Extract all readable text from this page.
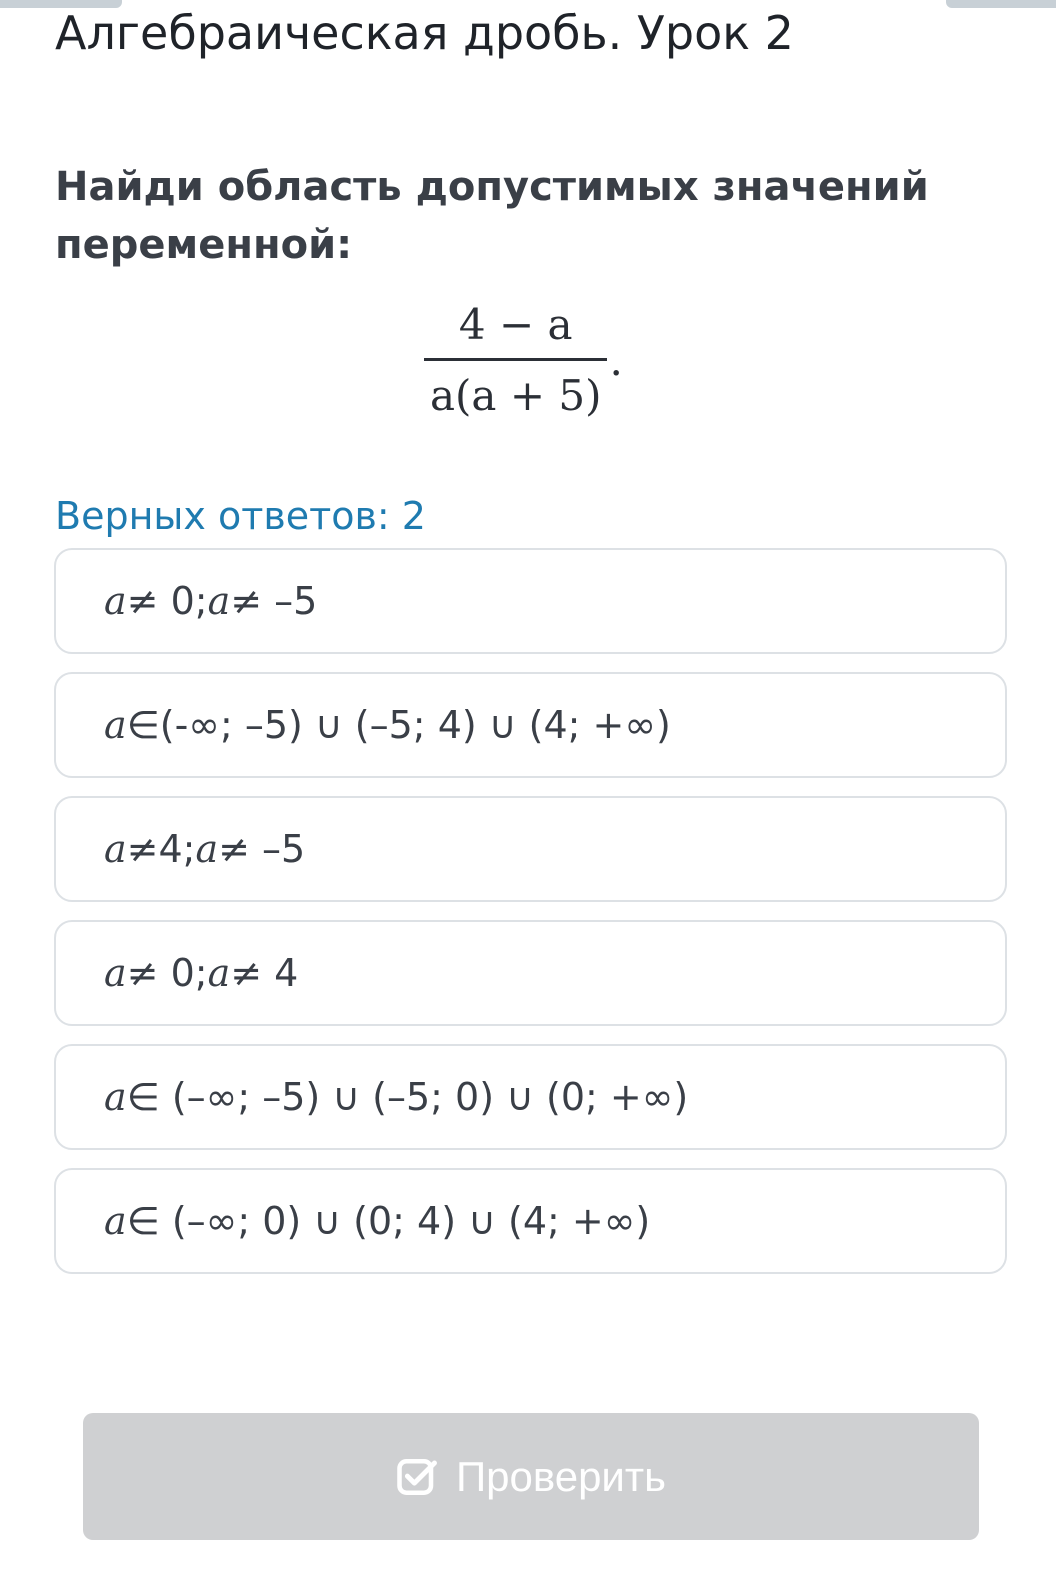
Алгебраическая дробь. Урок 2
Найди область допустимых значений переменной:
$\frac{4 - a}{a(a + 5)}$ .
Верных ответов: 2
a ≠ 0; a ≠ –5
a ∈(-∞; –5) ∪ (–5; 4) ∪ (4; +∞)
a ≠4; a ≠ –5
a ≠ 0; a ≠ 4
a ∈ (–∞; –5) ∪ (–5; 0) ∪ (0; +∞)
a ∈ (–∞; 0) ∪ (0; 4) ∪ (4; +∞)
Проверить
